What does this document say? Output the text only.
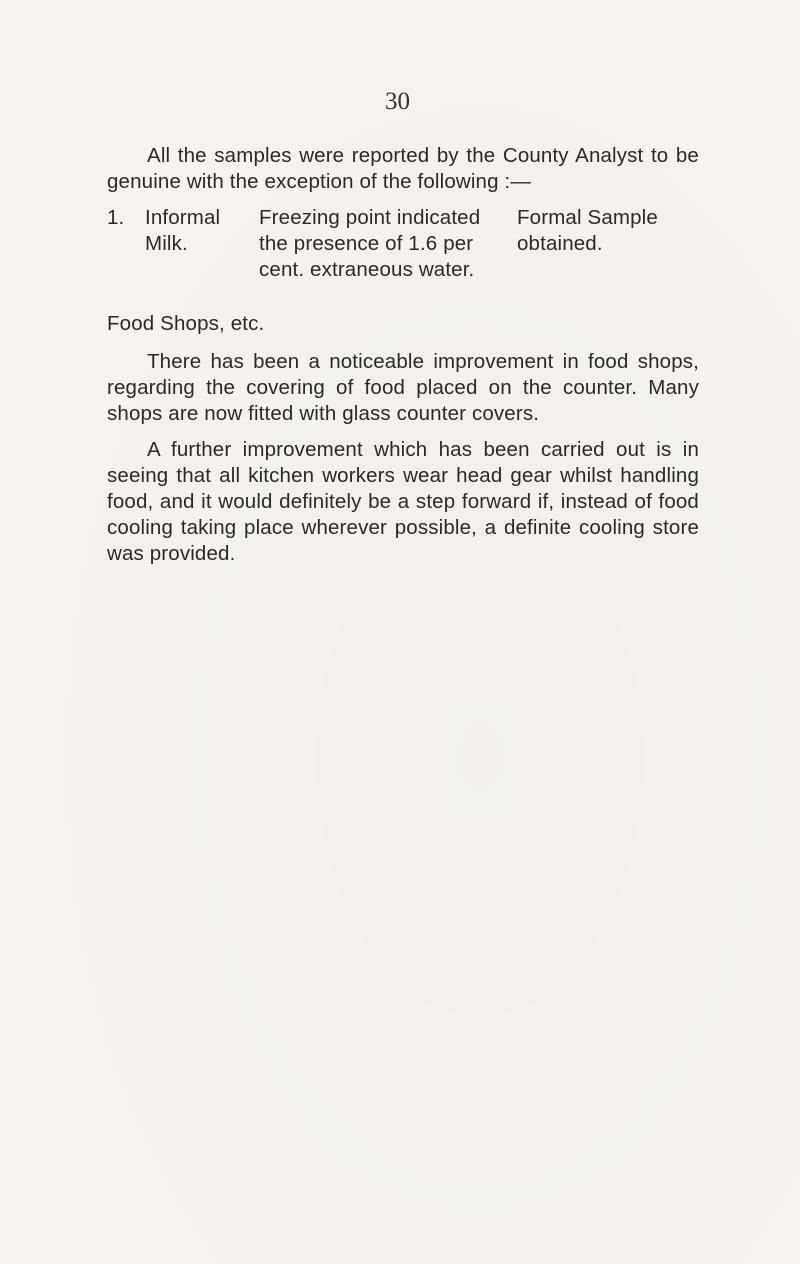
30

All the samples were reported by the County Analyst to be genuine with the exception of the following :—

1.	Informal
Milk.
Freezing point indicated
the presence of 1.6 per
cent. extraneous water.
Formal Sample
obtained.
Food Shops, etc.

There has been a noticeable improvement in food shops, regarding the covering of food placed on the counter. Many shops are now fitted with glass counter covers.

A further improvement which has been carried out is in seeing that all kitchen workers wear head gear whilst handling food, and it would definitely be a step forward if, instead of food cooling taking place wherever possible, a definite cooling store was provided.
